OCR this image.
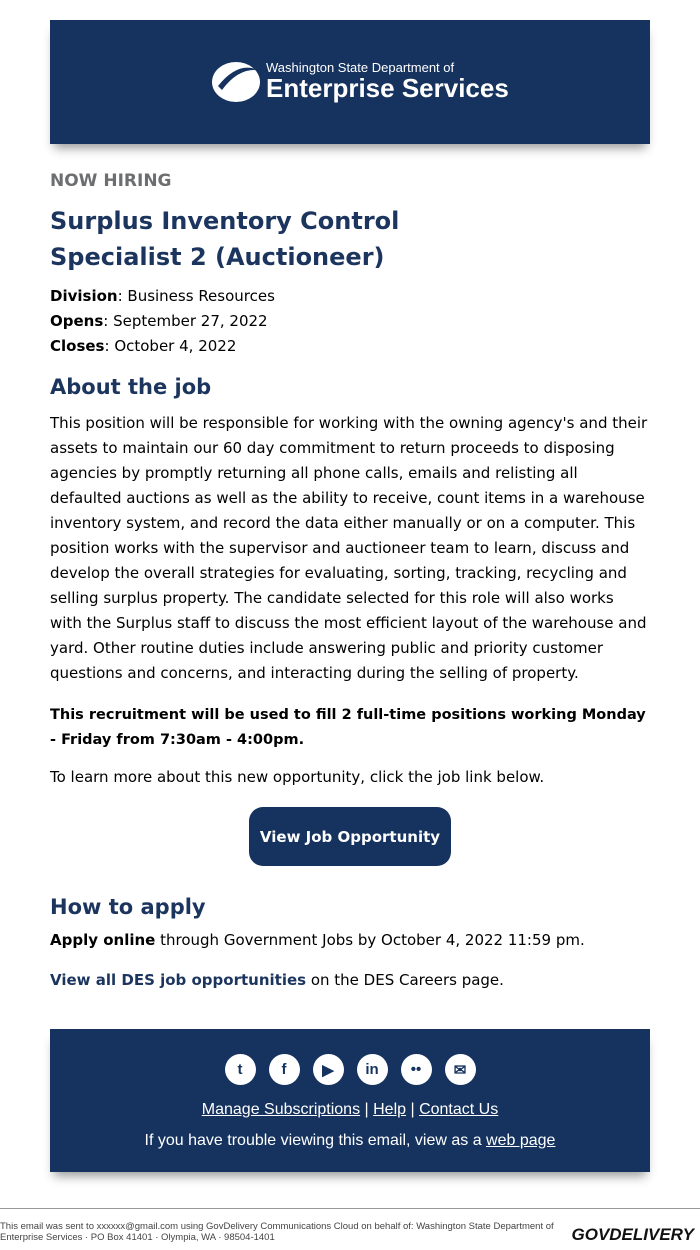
Washington State Department of
Enterprise Services
NOW HIRING
Surplus Inventory Control Specialist 2 (Auctioneer)
Division: Business Resources
Opens: September 27, 2022
Closes: October 4, 2022
About the job
This position will be responsible for working with the owning agency's and their assets to maintain our 60 day commitment to return proceeds to disposing agencies by promptly returning all phone calls, emails and relisting all defaulted auctions as well as the ability to receive, count items in a warehouse inventory system, and record the data either manually or on a computer. This position works with the supervisor and auctioneer team to learn, discuss and develop the overall strategies for evaluating, sorting, tracking, recycling and selling surplus property. The candidate selected for this role will also works with the Surplus staff to discuss the most efficient layout of the warehouse and yard. Other routine duties include answering public and priority customer questions and concerns, and interacting during the selling of property.
This recruitment will be used to fill 2 full-time positions working Monday - Friday from 7:30am - 4:00pm.
To learn more about this new opportunity, click the job link below.
View Job Opportunity
How to apply
Apply online through Government Jobs by October 4, 2022 11:59 pm.
View all DES job opportunities on the DES Careers page.
t	f	▶	in	••	✉
Manage Subscriptions | Help | Contact Us
If you have trouble viewing this email, view as a web page
This email was sent to xxxxxx@gmail.com using GovDelivery Communications Cloud on behalf of: Washington State Department of Enterprise Services · PO Box 41401 · Olympia, WA · 98504-1401	GOVDELIVERY
